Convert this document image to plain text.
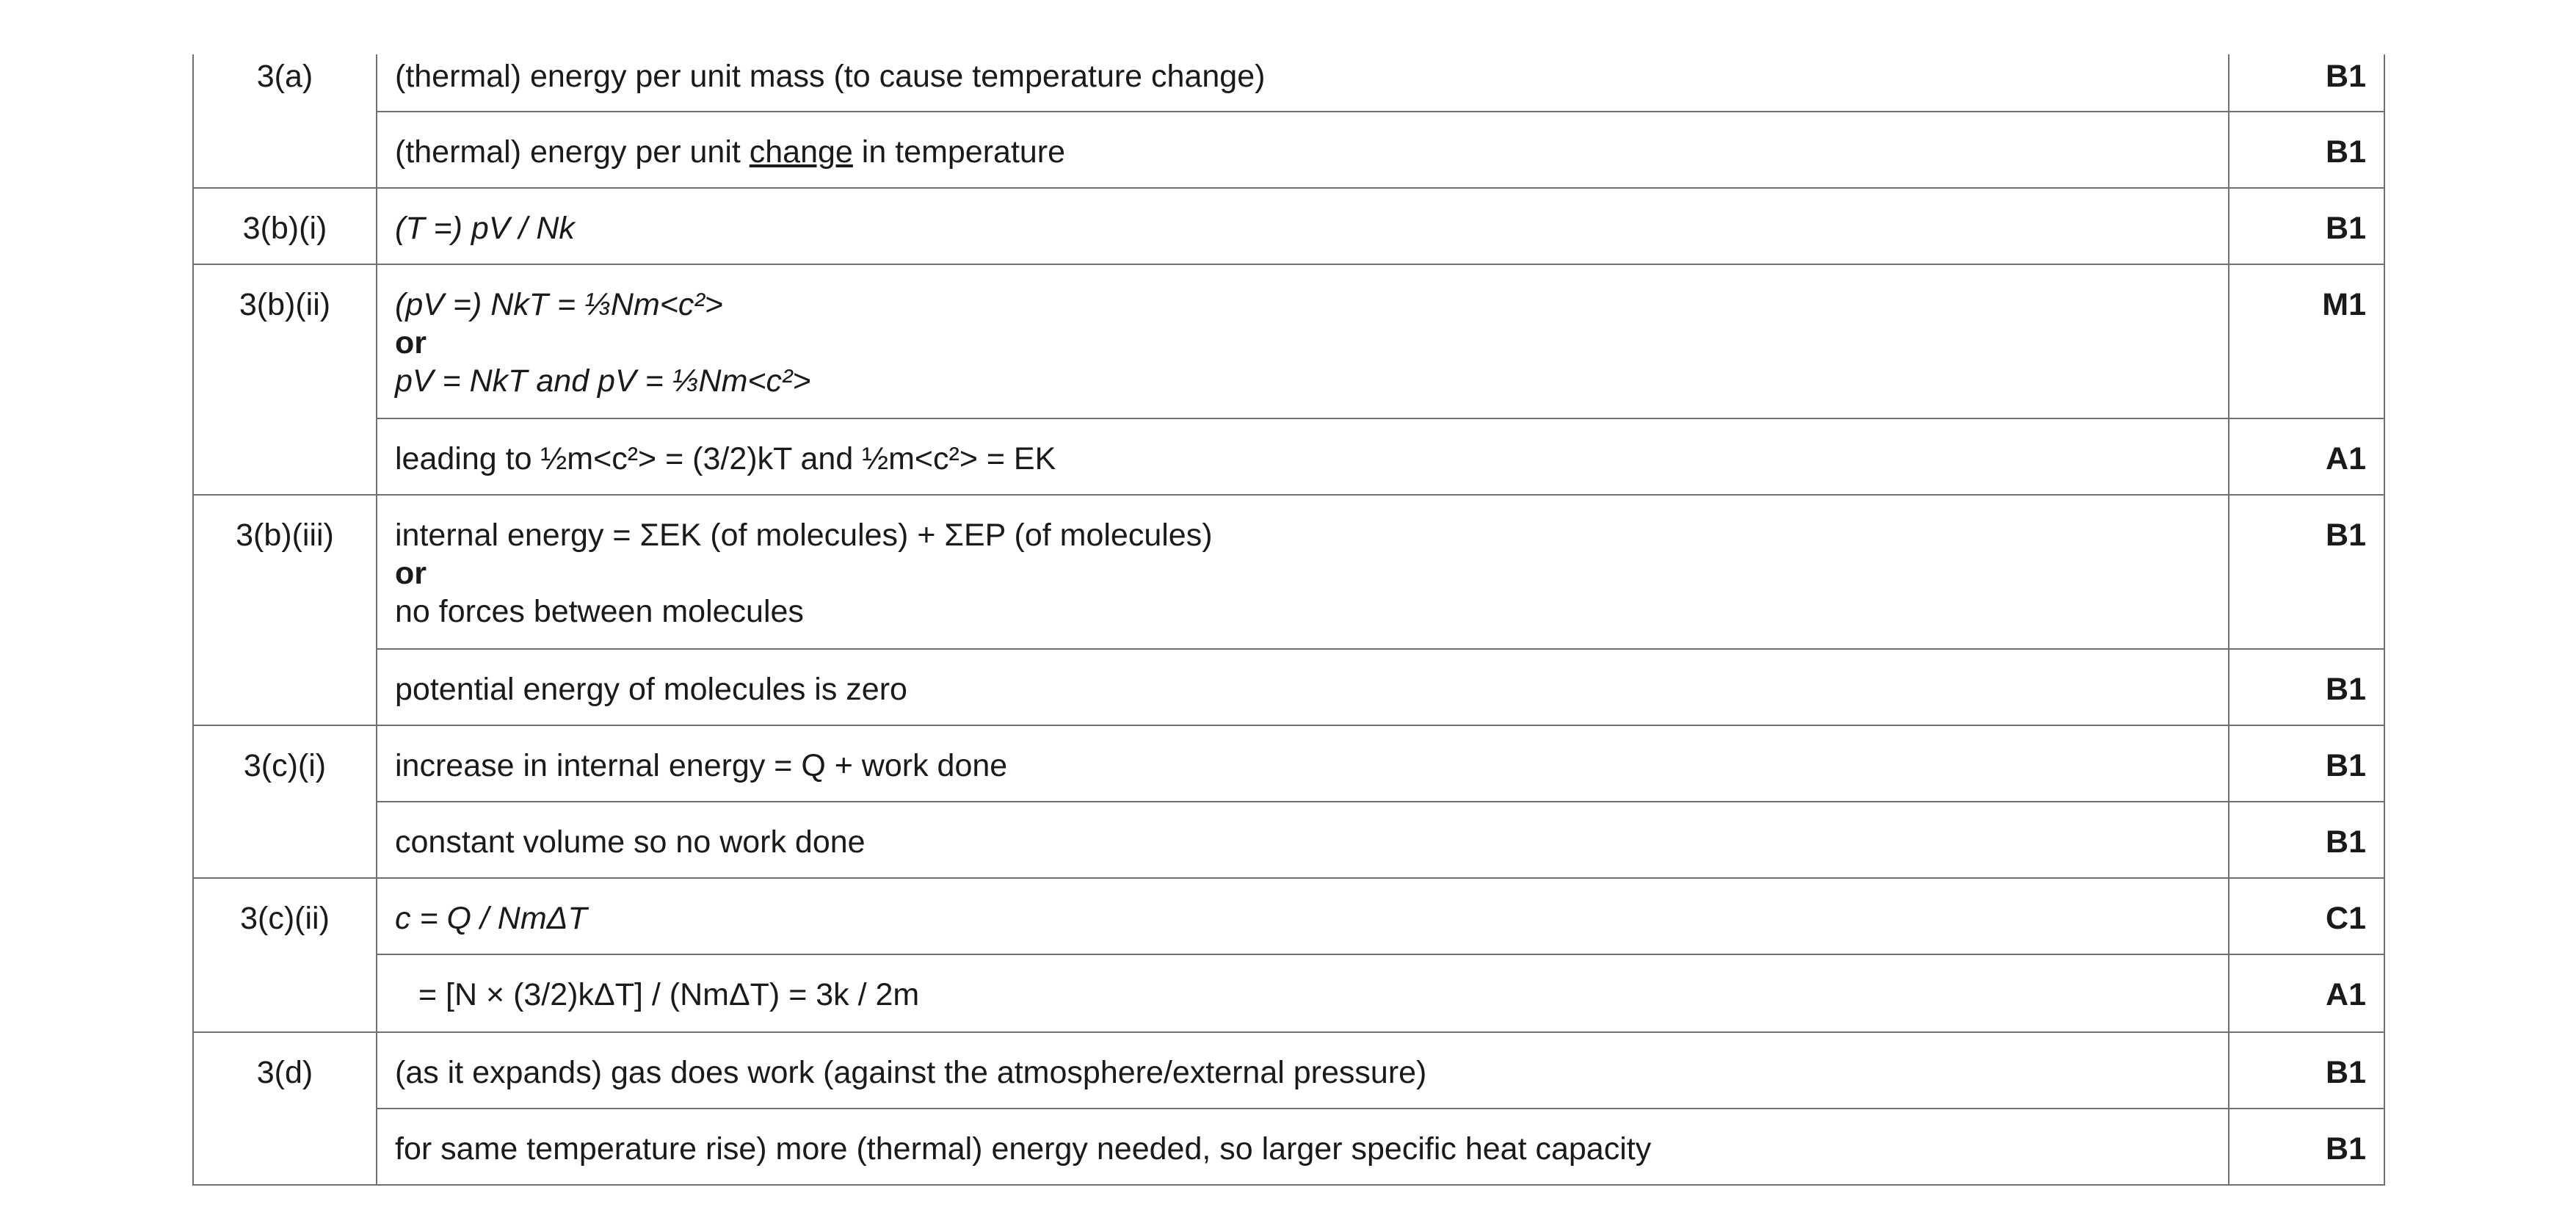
3(a)	(thermal) energy per unit mass (to cause temperature change)	B1
	(thermal) energy per unit change in temperature	B1
3(b)(i)	(T =) pV / Nk	B1
3(b)(ii)	(pV =) NkT = ⅓Nm<c²>
or
pV = NkT and pV = ⅓Nm<c²>	M1
	leading to ½m<c²> = (3/2)kT and ½m<c²> = EK	A1
3(b)(iii)	internal energy = ΣEK (of molecules) + ΣEP (of molecules)
or
no forces between molecules	B1
	potential energy of molecules is zero	B1
3(c)(i)	increase in internal energy = Q + work done	B1
	constant volume so no work done	B1
3(c)(ii)	c = Q / NmΔT	C1
	= [N × (3/2)kΔT] / (NmΔT) = 3k / 2m	A1
3(d)	(as it expands) gas does work (against the atmosphere/external pressure)	B1
	for same temperature rise) more (thermal) energy needed, so larger specific heat capacity	B1
